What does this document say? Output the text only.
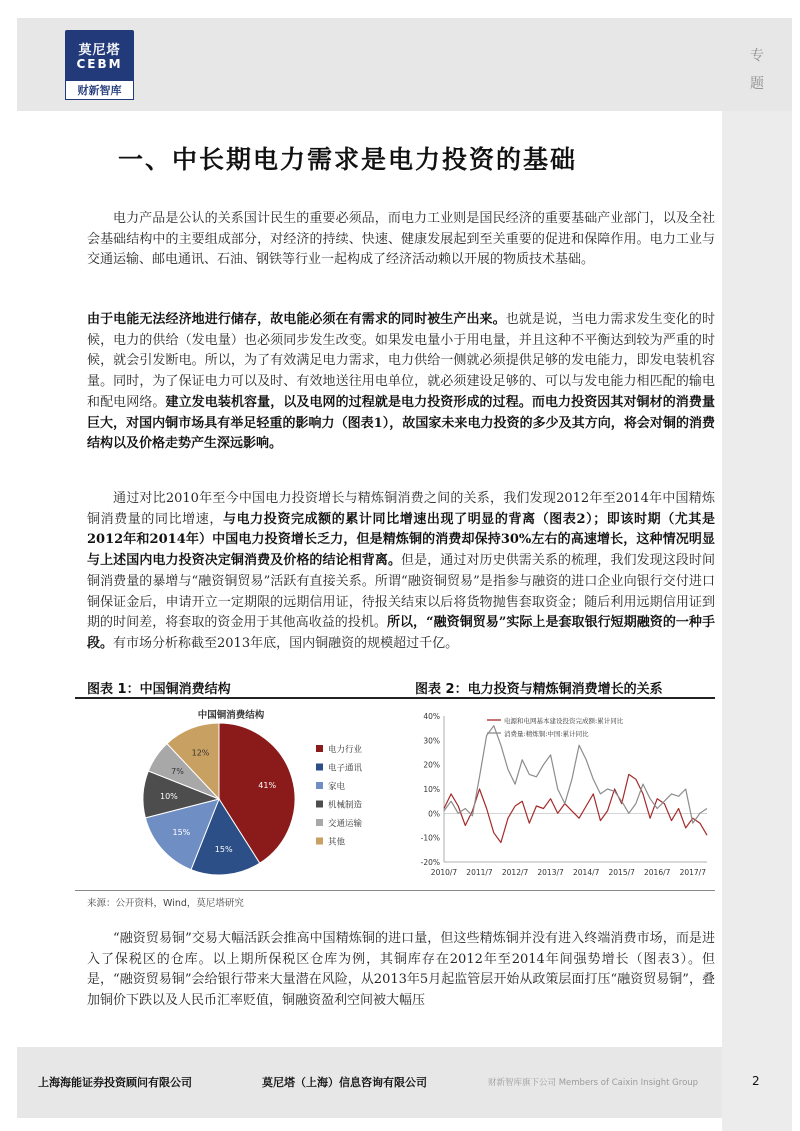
莫尼塔
CEBM
财新智库
专
题
一、中长期电力需求是电力投资的基础
电力产品是公认的关系国计民生的重要必须品，而电力工业则是国民经济的重要基础产业部门，以及全社会基础结构中的主要组成部分，对经济的持续、快速、健康发展起到至关重要的促进和保障作用。电力工业与交通运输、邮电通讯、石油、钢铁等行业一起构成了经济活动赖以开展的物质技术基础。
由于电能无法经济地进行储存，故电能必须在有需求的同时被生产出来。也就是说，当电力需求发生变化的时候，电力的供给（发电量）也必须同步发生改变。如果发电量小于用电量，并且这种不平衡达到较为严重的时候，就会引发断电。所以，为了有效满足电力需求，电力供给一侧就必须提供足够的发电能力，即发电装机容量。同时，为了保证电力可以及时、有效地送往用电单位，就必须建设足够的、可以与发电能力相匹配的输电和配电网络。建立发电装机容量，以及电网的过程就是电力投资形成的过程。而电力投资因其对铜材的消费量巨大，对国内铜市场具有举足轻重的影响力（图表1），故国家未来电力投资的多少及其方向，将会对铜的消费结构以及价格走势产生深远影响。
通过对比2010年至今中国电力投资增长与精炼铜消费之间的关系，我们发现2012年至2014年中国精炼铜消费量的同比增速，与电力投资完成额的累计同比增速出现了明显的背离（图表2）；即该时期（尤其是2012年和2014年）中国电力投资增长乏力，但是精炼铜的消费却保持30%左右的高速增长，这种情况明显与上述国内电力投资决定铜消费及价格的结论相背离。但是，通过对历史供需关系的梳理，我们发现这段时间铜消费量的暴增与“融资铜贸易”活跃有直接关系。所谓“融资铜贸易”是指参与融资的进口企业向银行交付进口铜保证金后，申请开立一定期限的远期信用证，待报关结束以后将货物抛售套取资金；随后利用远期信用证到期的时间差，将套取的资金用于其他高收益的投机。所以，“融资铜贸易”实际上是套取银行短期融资的一种手段。有市场分析称截至2013年底，国内铜融资的规模超过千亿。
图表 1：中国铜消费结构	图表 2：电力投资与精炼铜消费增长的关系
中国铜消费结构
41%
15%
15%
10%
7%
12%	电力行业
电子通讯
家电
机械制造
交通运输
其他
40%
30%
20%
10%
0%
-10%
-20%
2010/7 2011/7 2012/7 2013/7 2014/7 2015/7 2016/7 2017/7
电源和电网基本建设投资完成额:累计同比
消费量:精炼铜:中国:累计同比
来源：公开资料，Wind，莫尼塔研究
“融资贸易铜”交易大幅活跃会推高中国精炼铜的进口量，但这些精炼铜并没有进入终端消费市场，而是进入了保税区的仓库。以上期所保税区仓库为例，其铜库存在2012年至2014年间强势增长（图表3）。但是，“融资贸易铜”会给银行带来大量潜在风险，从2013年5月起监管层开始从政策层面打压“融资贸易铜”，叠加铜价下跌以及人民币汇率贬值，铜融资盈利空间被大幅压
上海海能证券投资顾问有限公司	莫尼塔（上海）信息咨询有限公司	财新智库旗下公司 Members of Caixin Insight Group	2
